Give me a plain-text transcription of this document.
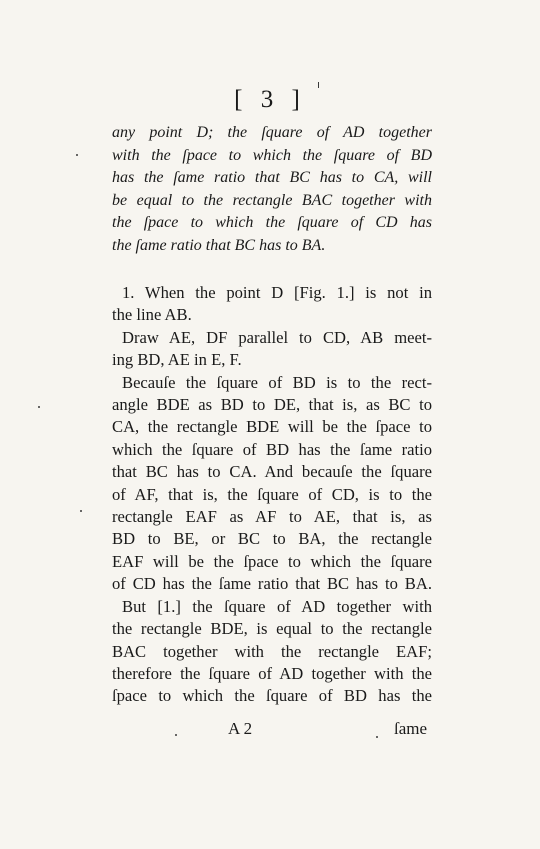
[ 3 ]
any point D; the ſquare of AD together
with the ſpace to which the ſquare of BD
has the ſame ratio that BC has to CA, will
be equal to the rectangle BAC together with
the ſpace to which the ſquare of CD has
the ſame ratio that BC has to BA.
1. When the point D [Fig. 1.] is not in
the line AB.
Draw AE, DF parallel to CD, AB meet-
ing BD, AE in E, F.
Becauſe the ſquare of BD is to the rect-
angle BDE as BD to DE, that is, as BC to
CA, the rectangle BDE will be the ſpace to
which the ſquare of BD has the ſame ratio
that BC has to CA. And becauſe the ſquare
of AF, that is, the ſquare of CD, is to the
rectangle EAF as AF to AE, that is, as
BD to BE, or BC to BA, the rectangle
EAF will be the ſpace to which the ſquare
of CD has the ſame ratio that BC has to BA.
But [1.] the ſquare of AD together with
the rectangle BDE, is equal to the rectangle
BAC together with the rectangle EAF;
therefore the ſquare of AD together with the
ſpace to which the ſquare of BD has the
A 2	ſame
